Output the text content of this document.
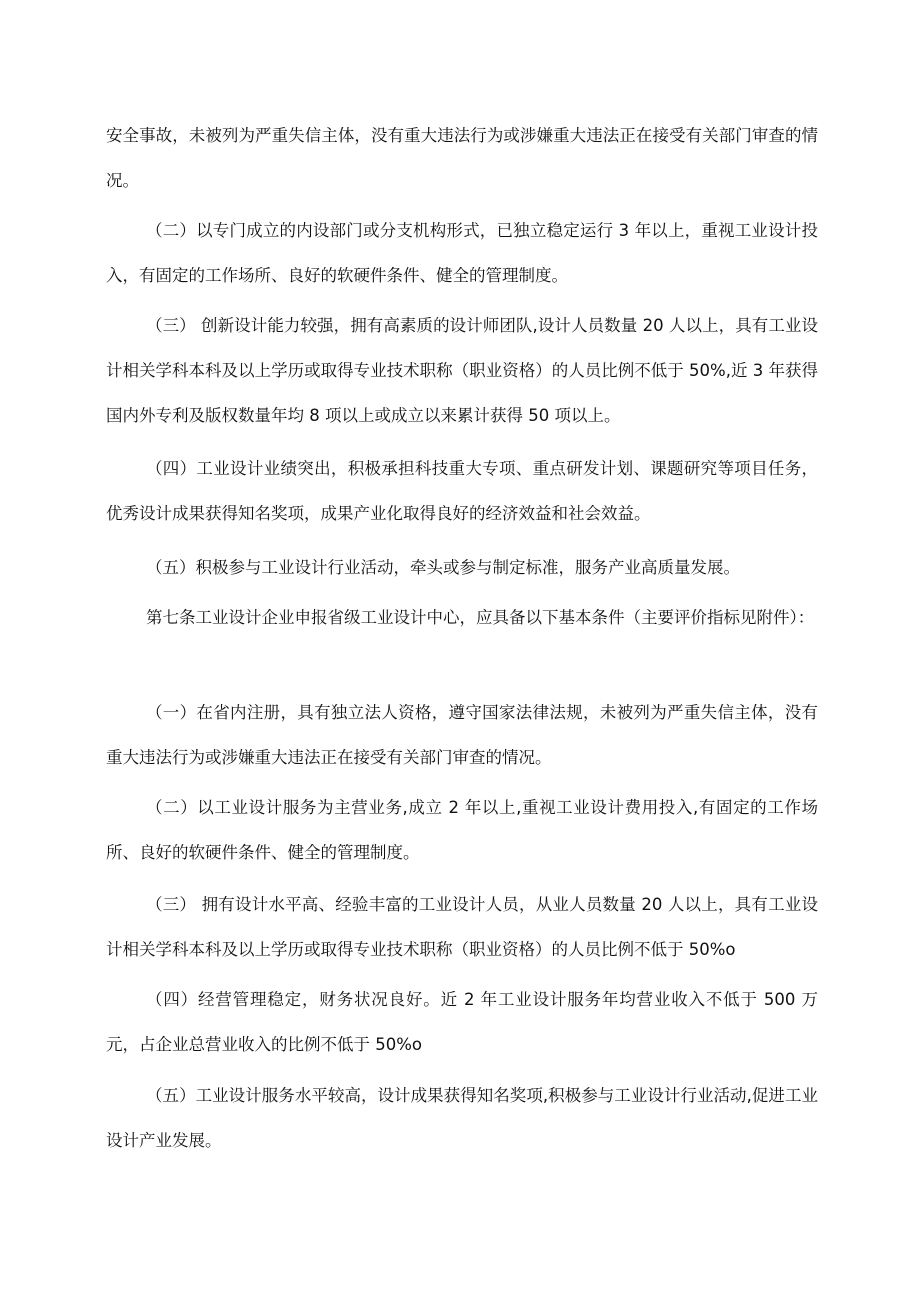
安全事故，未被列为严重失信主体，没有重大违法行为或涉嫌重大违法正在接受有关部门审查的情况。

（二）以专门成立的内设部门或分支机构形式，已独立稳定运行 3 年以上，重视工业设计投入，有固定的工作场所、良好的软硬件条件、健全的管理制度。

（三） 创新设计能力较强，拥有高素质的设计师团队,设计人员数量 20 人以上，具有工业设计相关学科本科及以上学历或取得专业技术职称（职业资格）的人员比例不低于 50%,近 3 年获得国内外专利及版权数量年均 8 项以上或成立以来累计获得 50 项以上。

（四）工业设计业绩突出，积极承担科技重大专项、重点研发计划、课题研究等项目任务，优秀设计成果获得知名奖项，成果产业化取得良好的经济效益和社会效益。

（五）积极参与工业设计行业活动，牵头或参与制定标准，服务产业高质量发展。

第七条工业设计企业申报省级工业设计中心，应具备以下基本条件（主要评价指标见附件）：

（一）在省内注册，具有独立法人资格，遵守国家法律法规，未被列为严重失信主体，没有重大违法行为或涉嫌重大违法正在接受有关部门审查的情况。

（二）以工业设计服务为主营业务,成立 2 年以上,重视工业设计费用投入,有固定的工作场所、良好的软硬件条件、健全的管理制度。

（三） 拥有设计水平高、经验丰富的工业设计人员，从业人员数量 20 人以上，具有工业设计相关学科本科及以上学历或取得专业技术职称（职业资格）的人员比例不低于 50%o

（四）经营管理稳定，财务状况良好。近 2 年工业设计服务年均营业收入不低于 500 万元，占企业总营业收入的比例不低于 50%o

（五）工业设计服务水平较高，设计成果获得知名奖项,积极参与工业设计行业活动,促进工业设计产业发展。
